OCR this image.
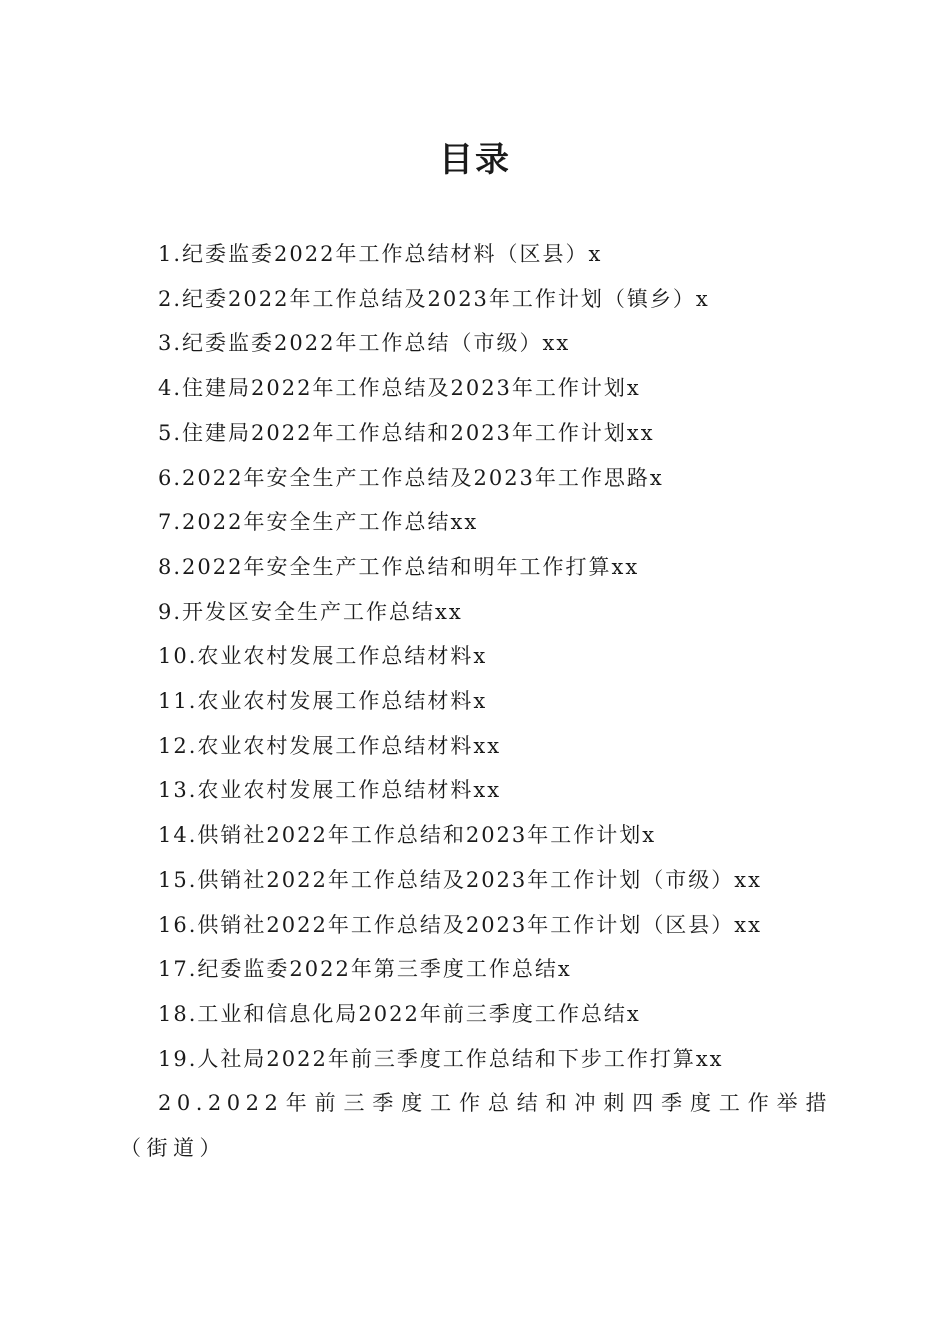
目录
1.纪委监委2022年工作总结材料（区县）x
2.纪委2022年工作总结及2023年工作计划（镇乡）x
3.纪委监委2022年工作总结（市级）xx
4.住建局2022年工作总结及2023年工作计划x
5.住建局2022年工作总结和2023年工作计划xx
6.2022年安全生产工作总结及2023年工作思路x
7.2022年安全生产工作总结xx
8.2022年安全生产工作总结和明年工作打算xx
9.开发区安全生产工作总结xx
10.农业农村发展工作总结材料x
11.农业农村发展工作总结材料x
12.农业农村发展工作总结材料xx
13.农业农村发展工作总结材料xx
14.供销社2022年工作总结和2023年工作计划x
15.供销社2022年工作总结及2023年工作计划（市级）xx
16.供销社2022年工作总结及2023年工作计划（区县）xx
17.纪委监委2022年第三季度工作总结x
18.工业和信息化局2022年前三季度工作总结x
19.人社局2022年前三季度工作总结和下步工作打算xx
20.2022年前三季度工作总结和冲刺四季度工作举措（街道）
